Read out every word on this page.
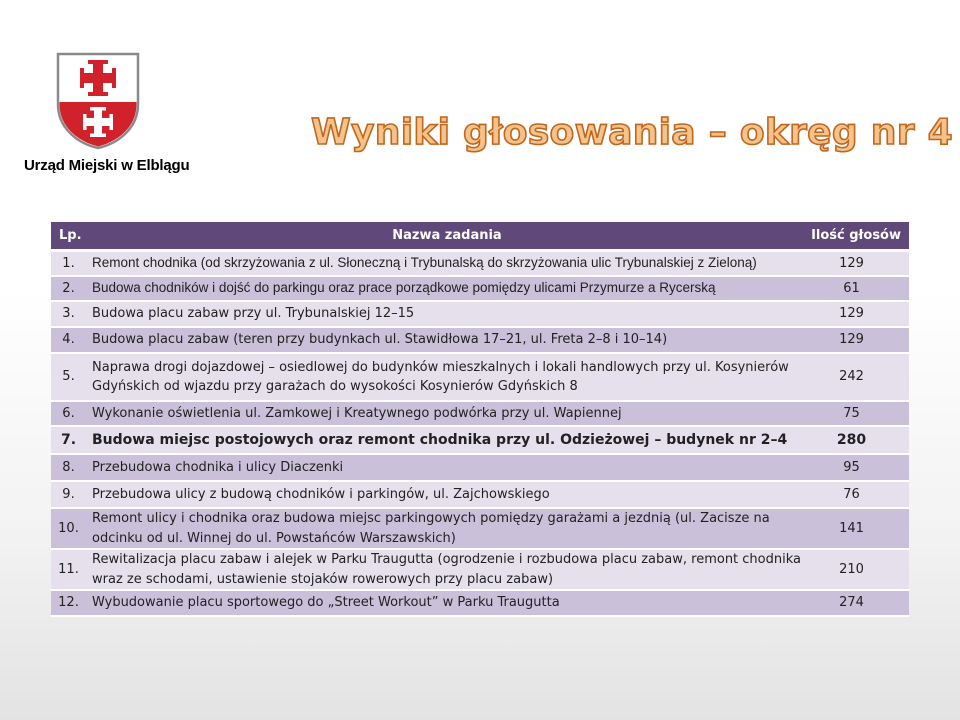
Urząd Miejski w Elblągu
Wyniki głosowania – okręg nr 4
Lp.	Nazwa zadania	Ilość głosów
1.	Remont chodnika (od skrzyżowania z ul. Słoneczną i Trybunalską do skrzyżowania ulic Trybunalskiej z Zieloną)	129
2.	Budowa chodników i dojść do parkingu oraz prace porządkowe pomiędzy ulicami Przymurze a Rycerską	61
3.	Budowa placu zabaw przy ul. Trybunalskiej 12–15	129
4.	Budowa placu zabaw (teren przy budynkach ul. Stawidłowa 17–21, ul. Freta 2–8 i 10–14)	129
5.	Naprawa drogi dojazdowej – osiedlowej do budynków mieszkalnych i lokali handlowych przy ul. Kosynierów Gdyńskich od wjazdu przy garażach do wysokości Kosynierów Gdyńskich 8	242
6.	Wykonanie oświetlenia ul. Zamkowej i Kreatywnego podwórka przy ul. Wapiennej	75
7.	Budowa miejsc postojowych oraz remont chodnika przy ul. Odzieżowej – budynek nr 2–4	280
8.	Przebudowa chodnika i ulicy Diaczenki	95
9.	Przebudowa ulicy z budową chodników i parkingów, ul. Zajchowskiego	76
10.	Remont ulicy i chodnika oraz budowa miejsc parkingowych pomiędzy garażami a jezdnią (ul. Zacisze na odcinku od ul. Winnej do ul. Powstańców Warszawskich)	141
11.	Rewitalizacja placu zabaw i alejek w Parku Traugutta (ogrodzenie i rozbudowa placu zabaw, remont chodnika wraz ze schodami, ustawienie stojaków rowerowych przy placu zabaw)	210
12.	Wybudowanie placu sportowego do „Street Workout” w Parku Traugutta	274
